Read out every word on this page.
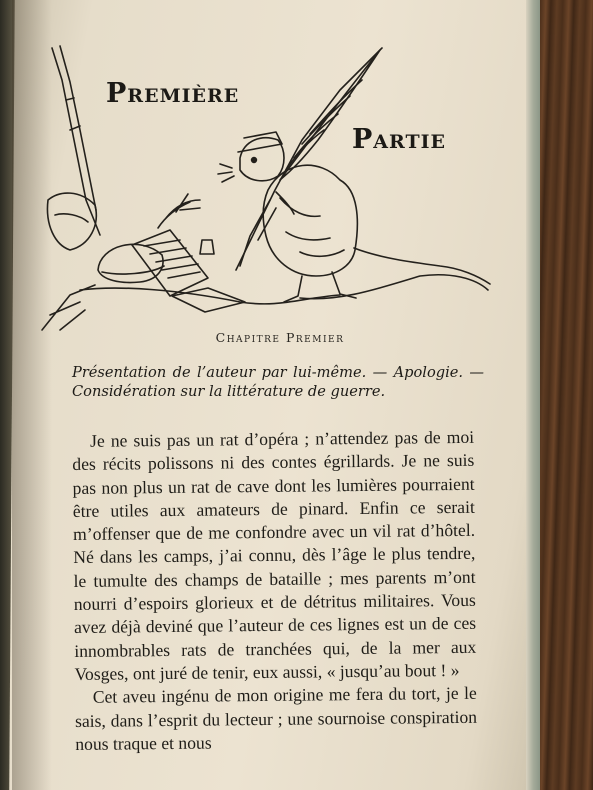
Première
Partie
Chapitre Premier
Présentation de l’auteur par lui-même. — Apologie. — Considération sur la littérature de guerre.

Je ne suis pas un rat d’opéra ; n’attendez pas de moi des récits polissons ni des contes égrillards. Je ne suis pas non plus un rat de cave dont les lumières pourraient être utiles aux amateurs de pinard. Enfin ce serait m’offenser que de me confondre avec un vil rat d’hôtel. Né dans les camps, j’ai connu, dès l’âge le plus tendre, le tumulte des champs de bataille ; mes parents m’ont nourri d’espoirs glorieux et de détritus militaires. Vous avez déjà deviné que l’auteur de ces lignes est un de ces innombrables rats de tranchées qui, de la mer aux Vosges, ont juré de tenir, eux aussi, « jusqu’au bout ! »

Cet aveu ingénu de mon origine me fera du tort, je le sais, dans l’esprit du lecteur ; une sournoise conspiration nous traque et nous
